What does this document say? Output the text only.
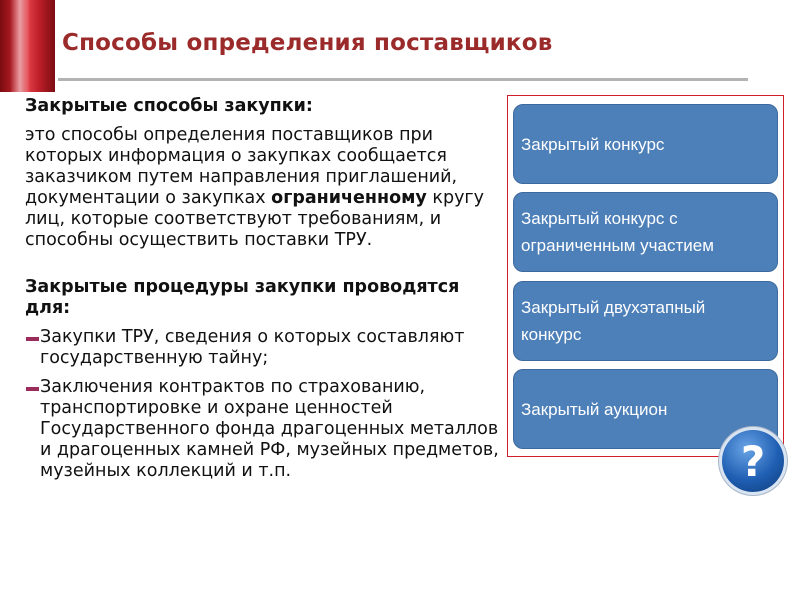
Способы определения поставщиков

Закрытые способы закупки:

это способы определения поставщиков при которых информация о закупках сообщается заказчиком путем направления приглашений, документации о закупках ограниченному кругу лиц, которые соответствуют требованиям, и способны осуществить поставки ТРУ.

Закрытые процедуры закупки проводятся для:

Закупки ТРУ, сведения о которых составляют государственную тайну;
Заключения контрактов по страхованию, транспортировке и охране ценностей Государственного фонда драгоценных металлов и драгоценных камней РФ, музейных предметов, музейных коллекций и т.п.
Закрытый конкурс
Закрытый конкурс с ограниченным участием
Закрытый двухэтапный конкурс
Закрытый аукцион
?
